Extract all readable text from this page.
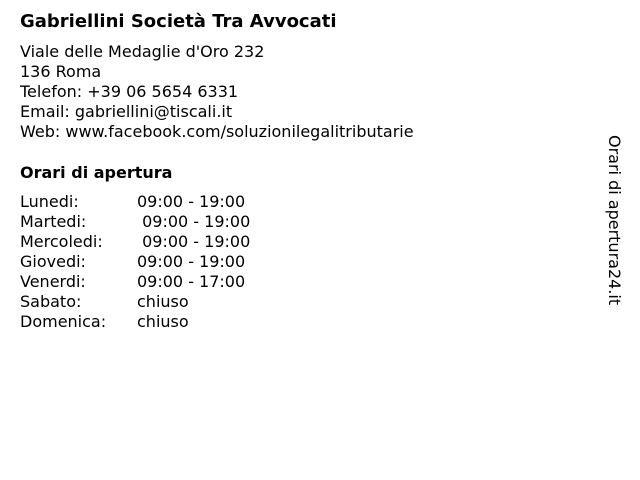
Gabriellini Società Tra Avvocati
Viale delle Medaglie d'Oro 232
136 Roma
Telefon: +39 06 5654 6331
Email: gabriellini@tiscali.it
Web: www.facebook.com/soluzionilegalitributarie
Orari di apertura
Lunedi:	09:00 - 19:00
Martedi:	09:00 - 19:00
Mercoledi:	09:00 - 19:00
Giovedi:	09:00 - 19:00
Venerdi:	09:00 - 17:00
Sabato:	chiuso
Domenica:	chiuso
Orari di apertura24.it
